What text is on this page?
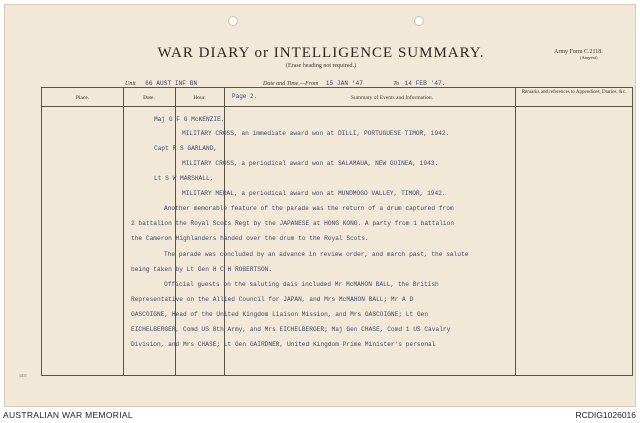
WAR DIARY or INTELLIGENCE SUMMARY.
(Erase heading not required.)
Army Form C.2118.
(Amyent)
Unit 66 AUST INF BN	Date and Time.—From 15 JAN '47	To 14 FEB '47.
Place.	Date.	Hour.	Summary of Events and Information.
Remarks and references to Appendices, Diaries, &c.
Page 2.
Maj G F G McKENZIE.
MILITARY CROSS, an immediate award won at DILLI, PORTUGUESE TIMOR, 1942.
Capt R S GARLAND,
MILITARY CROSS, a periodical award won at SALAMAUA, NEW GUINEA, 1943.
Lt S W MARSHALL,
MILITARY MEDAL, a periodical award won at MUNDMOGO VALLEY, TIMOR, 1942.
Another memorable feature of the parade was the return of a drum captured from
2 battalion the Royal Scots Regt by the JAPANESE at HONG KONG. A party from 1 battalion
the Cameron Highlanders handed over the drum to the Royal Scots.
The parade was concluded by an advance in review order, and march past, the salute
being taken by Lt Gen H C H ROBERTSON.
Official guests on the saluting dais included Mr McMAHON BALL, the British
Representative on the Allied Council for JAPAN, and Mrs McMAHON BALL; Mr A D
GASCOIGNE, Head of the United Kingdom Liaison Mission, and Mrs GASCOIGNE; Lt Gen
EICHELBERGER, Comd US 8th Army, and Mrs EICHELBERGER; Maj Gen CHASE, Comd 1 US Cavalry
Division, and Mrs CHASE; Lt Gen GAIRDNER, United Kingdom Prime Minister's personal
1411
AUSTRALIAN WAR MEMORIAL	RCDIG1026016
